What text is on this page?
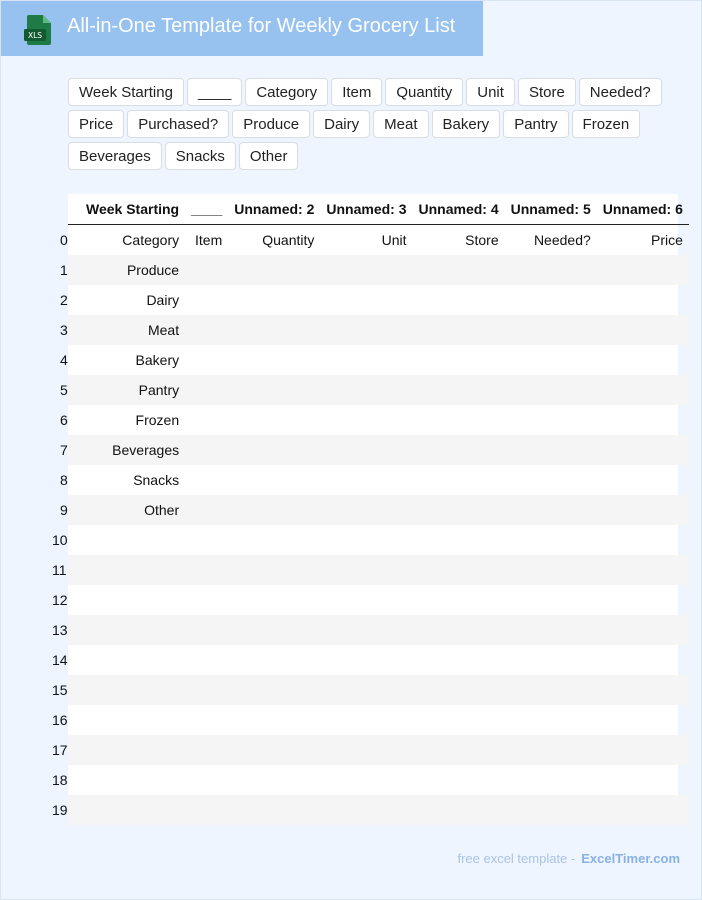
XLS All-in-One Template for Weekly Grocery List
Week Starting	____	Category	Item	Quantity	Unit	Store	Needed?
Price	Purchased?	Produce	Dairy	Meat	Bakery	Pantry	Frozen
Beverages	Snacks	Other
	Week Starting	____	Unnamed: 2	Unnamed: 3	Unnamed: 4	Unnamed: 5	Unnamed: 6
0	Category	Item	Quantity	Unit	Store	Needed?	Price
1	Produce						
2	Dairy						
3	Meat						
4	Bakery						
5	Pantry						
6	Frozen						
7	Beverages						
8	Snacks						
9	Other						
10							
11							
12							
13							
14							
15							
16							
17							
18							
19							
free excel template - ExcelTimer.com
